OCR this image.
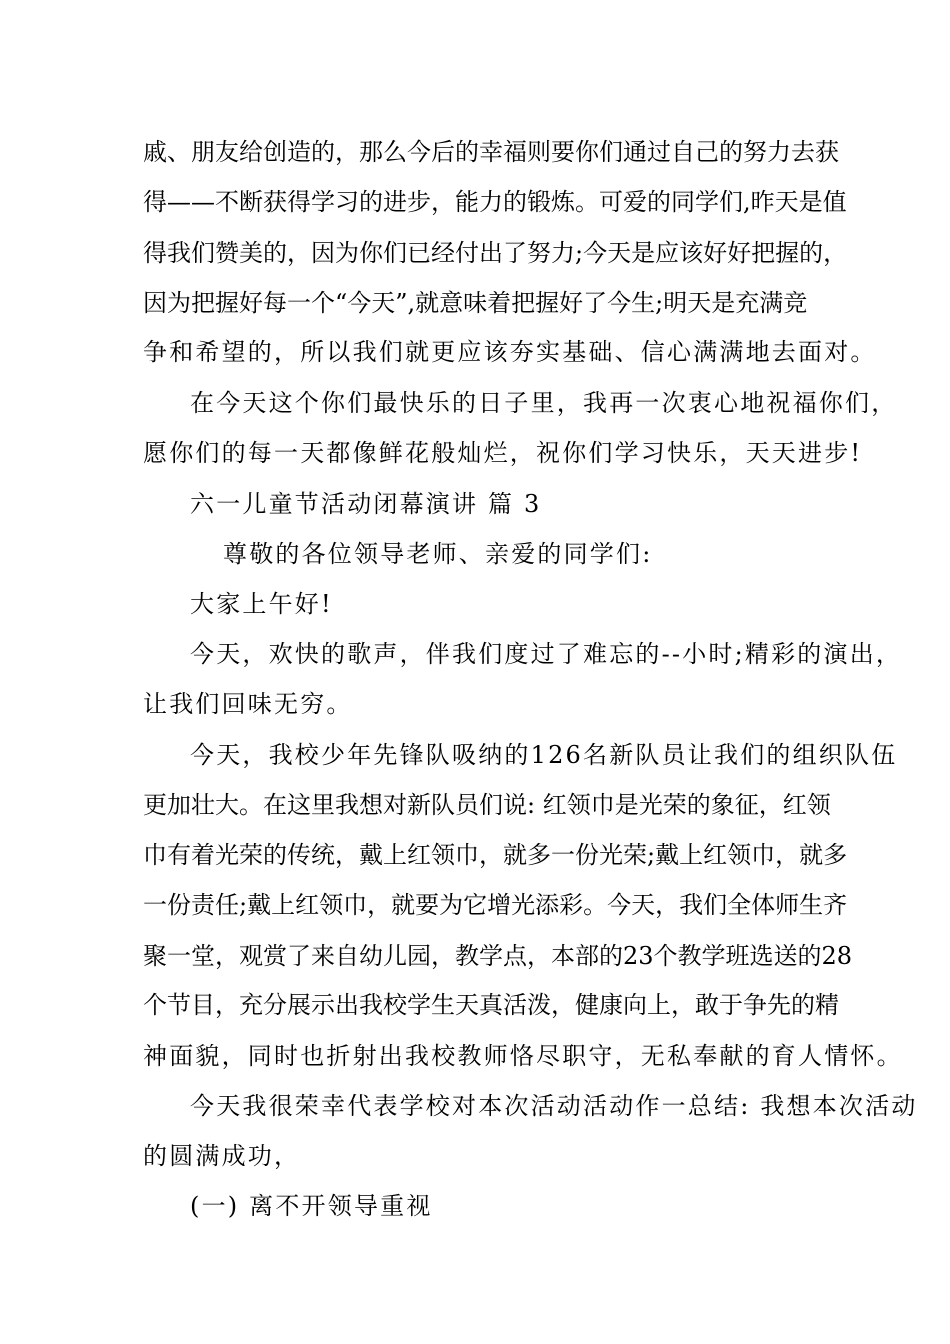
戚、朋友给创造的，那么今后的幸福则要你们通过自己的努力去获
得——不断获得学习的进步，能力的锻炼。可爱的同学们,昨天是值
得我们赞美的，因为你们已经付出了努力;今天是应该好好把握的，
因为把握好每一个“今天”,就意味着把握好了今生;明天是充满竞
争和希望的，所以我们就更应该夯实基础、信心满满地去面对。
在今天这个你们最快乐的日子里，我再一次衷心地祝福你们，
愿你们的每一天都像鲜花般灿烂，祝你们学习快乐，天天进步!
六一儿童节活动闭幕演讲 篇 3
尊敬的各位领导老师、亲爱的同学们:
大家上午好!
今天，欢快的歌声，伴我们度过了难忘的--小时;精彩的演出，
让我们回味无穷。
今天，我校少年先锋队吸纳的126名新队员让我们的组织队伍
更加壮大。在这里我想对新队员们说: 红领巾是光荣的象征，红领
巾有着光荣的传统，戴上红领巾，就多一份光荣;戴上红领巾，就多
一份责任;戴上红领巾，就要为它增光添彩。今天，我们全体师生齐
聚一堂，观赏了来自幼儿园，教学点，本部的23个教学班选送的28
个节目，充分展示出我校学生天真活泼，健康向上，敢于争先的精
神面貌，同时也折射出我校教师恪尽职守，无私奉献的育人情怀。
今天我很荣幸代表学校对本次活动活动作一总结: 我想本次活动
的圆满成功，
(一) 离不开领导重视
